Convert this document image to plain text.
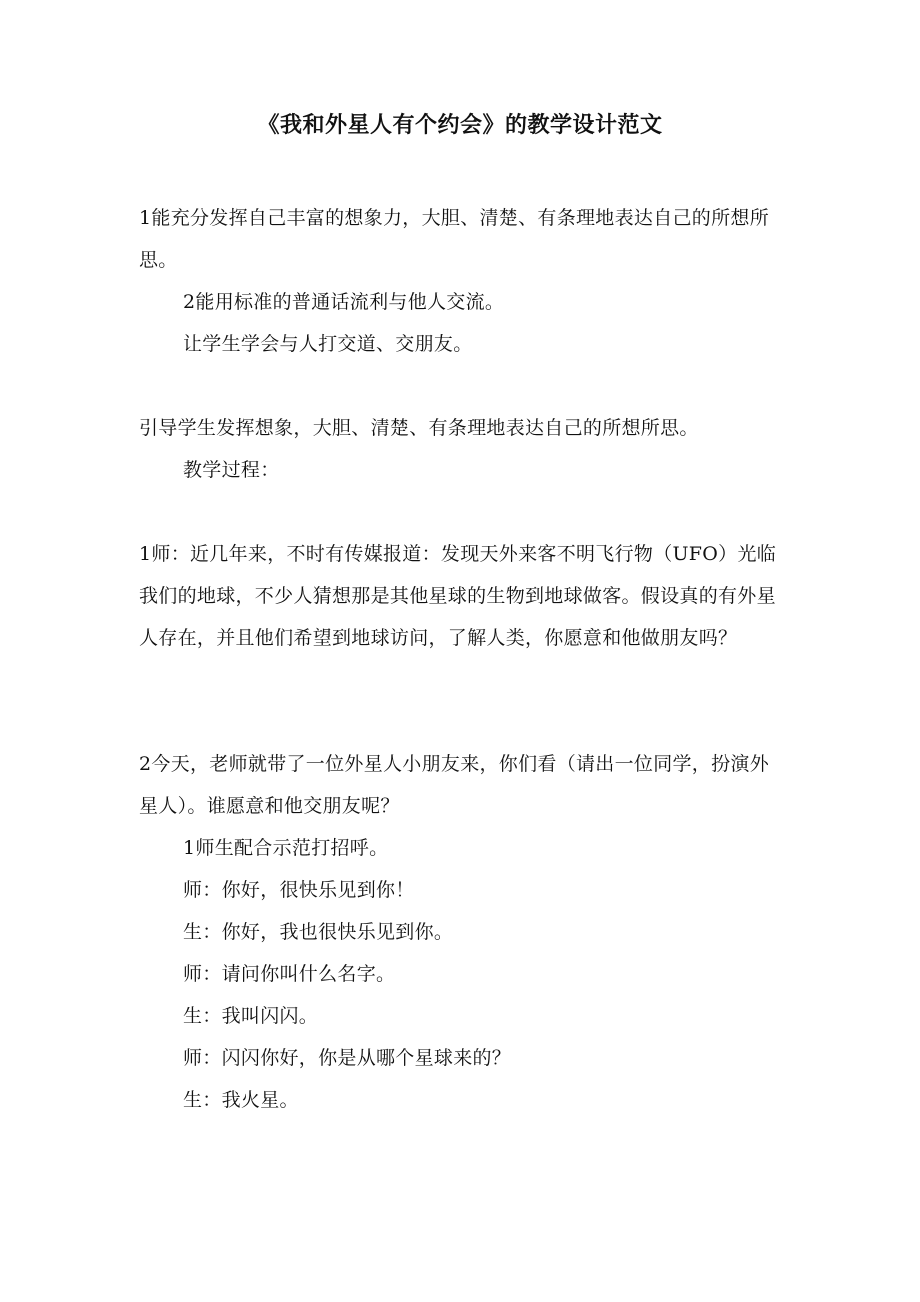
《我和外星人有个约会》的教学设计范文

1能充分发挥自己丰富的想象力，大胆、清楚、有条理地表达自己的所想所思。

2能用标准的普通话流利与他人交流。

让学生学会与人打交道、交朋友。

引导学生发挥想象，大胆、清楚、有条理地表达自己的所想所思。

教学过程：

1师：近几年来，不时有传媒报道：发现天外来客不明飞行物（UFO）光临我们的地球，不少人猜想那是其他星球的生物到地球做客。假设真的有外星人存在，并且他们希望到地球访问，了解人类，你愿意和他做朋友吗？

2今天，老师就带了一位外星人小朋友来，你们看（请出一位同学，扮演外星人）。谁愿意和他交朋友呢？

1师生配合示范打招呼。

师：你好，很快乐见到你！

生：你好，我也很快乐见到你。

师：请问你叫什么名字。

生：我叫闪闪。

师：闪闪你好，你是从哪个星球来的？

生：我火星。
